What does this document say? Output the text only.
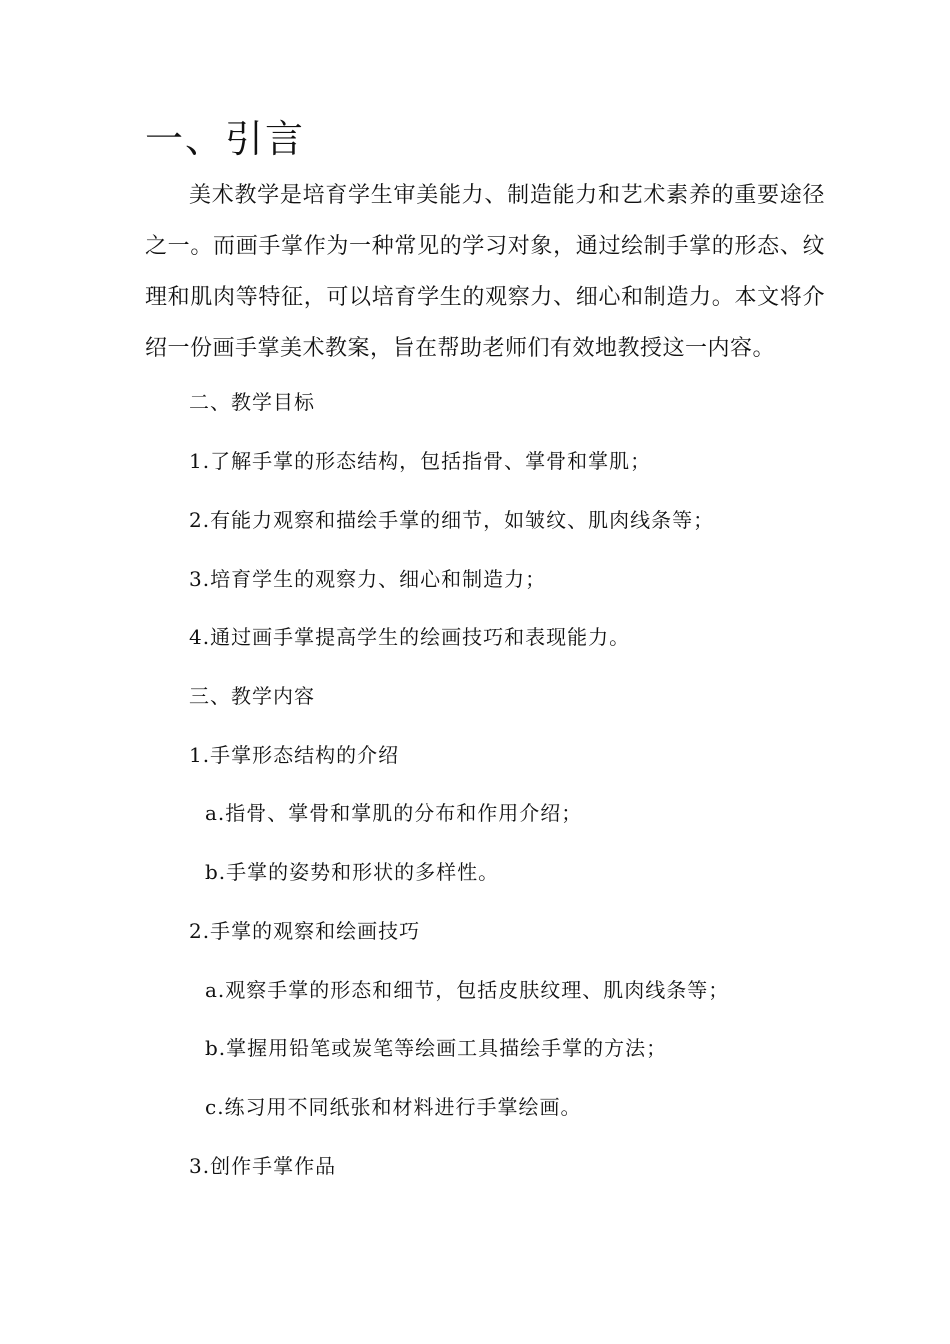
一、引言

美术教学是培育学生审美能力、制造能力和艺术素养的重要途径之一。而画手掌作为一种常见的学习对象，通过绘制手掌的形态、纹理和肌肉等特征，可以培育学生的观察力、细心和制造力。本文将介绍一份画手掌美术教案，旨在帮助老师们有效地教授这一内容。

二、教学目标

1.了解手掌的形态结构，包括指骨、掌骨和掌肌；

2.有能力观察和描绘手掌的细节，如皱纹、肌肉线条等；

3.培育学生的观察力、细心和制造力；

4.通过画手掌提高学生的绘画技巧和表现能力。

三、教学内容

1.手掌形态结构的介绍

a.指骨、掌骨和掌肌的分布和作用介绍；

b.手掌的姿势和形状的多样性。

2.手掌的观察和绘画技巧

a.观察手掌的形态和细节，包括皮肤纹理、肌肉线条等；

b.掌握用铅笔或炭笔等绘画工具描绘手掌的方法；

c.练习用不同纸张和材料进行手掌绘画。

3.创作手掌作品
